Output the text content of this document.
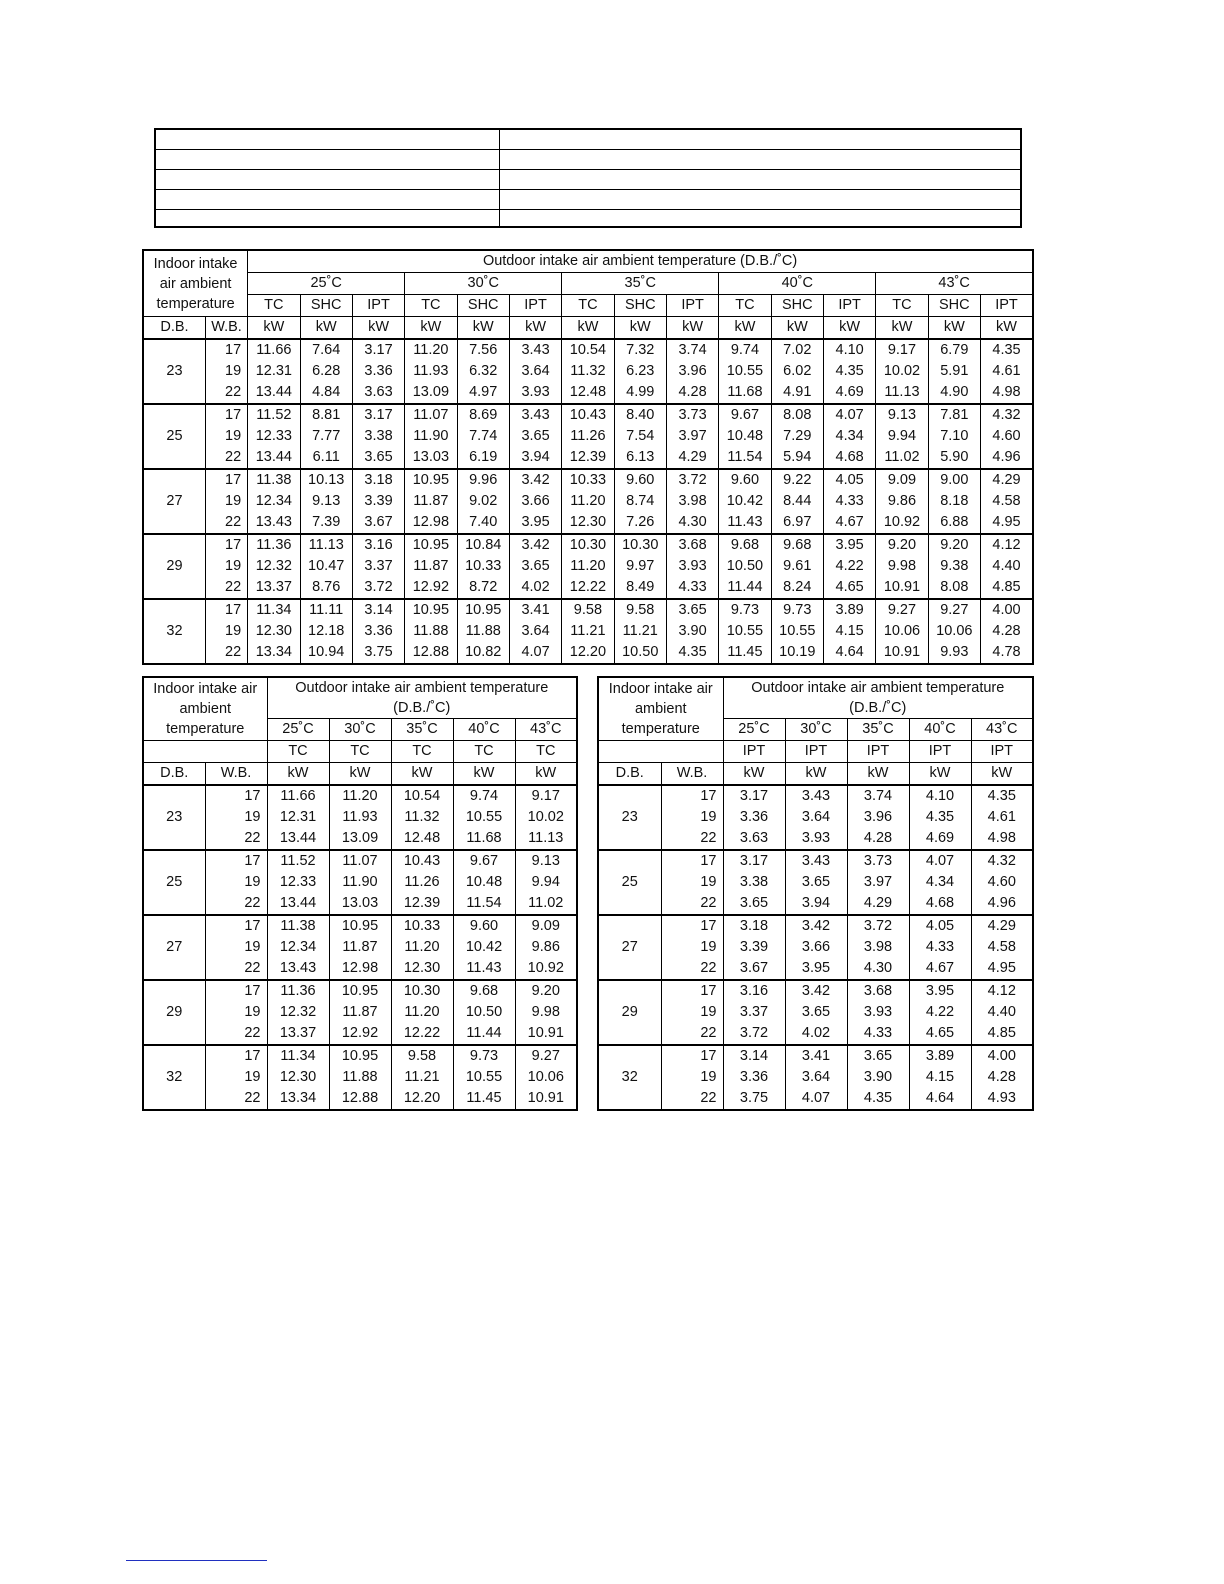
Indoor intake air ambient temperature		Outdoor intake air ambient temperature (D.B./˚C)														
		25˚C			30˚C			35˚C			40˚C			43˚C		
		TC	SHC	IPT	TC	SHC	IPT	TC	SHC	IPT	TC	SHC	IPT	TC	SHC	IPT
D.B.	W.B.	kW	kW	kW	kW	kW	kW	kW	kW	kW	kW	kW	kW	kW	kW	kW
23	17	11.66	7.64	3.17	11.20	7.56	3.43	10.54	7.32	3.74	9.74	7.02	4.10	9.17	6.79	4.35
	19	12.31	6.28	3.36	11.93	6.32	3.64	11.32	6.23	3.96	10.55	6.02	4.35	10.02	5.91	4.61
	22	13.44	4.84	3.63	13.09	4.97	3.93	12.48	4.99	4.28	11.68	4.91	4.69	11.13	4.90	4.98
25	17	11.52	8.81	3.17	11.07	8.69	3.43	10.43	8.40	3.73	9.67	8.08	4.07	9.13	7.81	4.32
	19	12.33	7.77	3.38	11.90	7.74	3.65	11.26	7.54	3.97	10.48	7.29	4.34	9.94	7.10	4.60
	22	13.44	6.11	3.65	13.03	6.19	3.94	12.39	6.13	4.29	11.54	5.94	4.68	11.02	5.90	4.96
27	17	11.38	10.13	3.18	10.95	9.96	3.42	10.33	9.60	3.72	9.60	9.22	4.05	9.09	9.00	4.29
	19	12.34	9.13	3.39	11.87	9.02	3.66	11.20	8.74	3.98	10.42	8.44	4.33	9.86	8.18	4.58
	22	13.43	7.39	3.67	12.98	7.40	3.95	12.30	7.26	4.30	11.43	6.97	4.67	10.92	6.88	4.95
29	17	11.36	11.13	3.16	10.95	10.84	3.42	10.30	10.30	3.68	9.68	9.68	3.95	9.20	9.20	4.12
	19	12.32	10.47	3.37	11.87	10.33	3.65	11.20	9.97	3.93	10.50	9.61	4.22	9.98	9.38	4.40
	22	13.37	8.76	3.72	12.92	8.72	4.02	12.22	8.49	4.33	11.44	8.24	4.65	10.91	8.08	4.85
32	17	11.34	11.11	3.14	10.95	10.95	3.41	9.58	9.58	3.65	9.73	9.73	3.89	9.27	9.27	4.00
	19	12.30	12.18	3.36	11.88	11.88	3.64	11.21	11.21	3.90	10.55	10.55	4.15	10.06	10.06	4.28
	22	13.34	10.94	3.75	12.88	10.82	4.07	12.20	10.50	4.35	11.45	10.19	4.64	10.91	9.93	4.78
Indoor intake air ambient temperature		Outdoor intake air ambient temperature				
		(D.B./˚C)				
		25˚C	30˚C	35˚C	40˚C	43˚C
		TC	TC	TC	TC	TC
D.B.	W.B.	kW	kW	kW	kW	kW
23	17	11.66	11.20	10.54	9.74	9.17
	19	12.31	11.93	11.32	10.55	10.02
	22	13.44	13.09	12.48	11.68	11.13
25	17	11.52	11.07	10.43	9.67	9.13
	19	12.33	11.90	11.26	10.48	9.94
	22	13.44	13.03	12.39	11.54	11.02
27	17	11.38	10.95	10.33	9.60	9.09
	19	12.34	11.87	11.20	10.42	9.86
	22	13.43	12.98	12.30	11.43	10.92
29	17	11.36	10.95	10.30	9.68	9.20
	19	12.32	11.87	11.20	10.50	9.98
	22	13.37	12.92	12.22	11.44	10.91
32	17	11.34	10.95	9.58	9.73	9.27
	19	12.30	11.88	11.21	10.55	10.06
	22	13.34	12.88	12.20	11.45	10.91
Indoor intake air ambient temperature		Outdoor intake air ambient temperature				
		(D.B./˚C)				
		25˚C	30˚C	35˚C	40˚C	43˚C
		IPT	IPT	IPT	IPT	IPT
D.B.	W.B.	kW	kW	kW	kW	kW
23	17	3.17	3.43	3.74	4.10	4.35
	19	3.36	3.64	3.96	4.35	4.61
	22	3.63	3.93	4.28	4.69	4.98
25	17	3.17	3.43	3.73	4.07	4.32
	19	3.38	3.65	3.97	4.34	4.60
	22	3.65	3.94	4.29	4.68	4.96
27	17	3.18	3.42	3.72	4.05	4.29
	19	3.39	3.66	3.98	4.33	4.58
	22	3.67	3.95	4.30	4.67	4.95
29	17	3.16	3.42	3.68	3.95	4.12
	19	3.37	3.65	3.93	4.22	4.40
	22	3.72	4.02	4.33	4.65	4.85
32	17	3.14	3.41	3.65	3.89	4.00
	19	3.36	3.64	3.90	4.15	4.28
	22	3.75	4.07	4.35	4.64	4.93
